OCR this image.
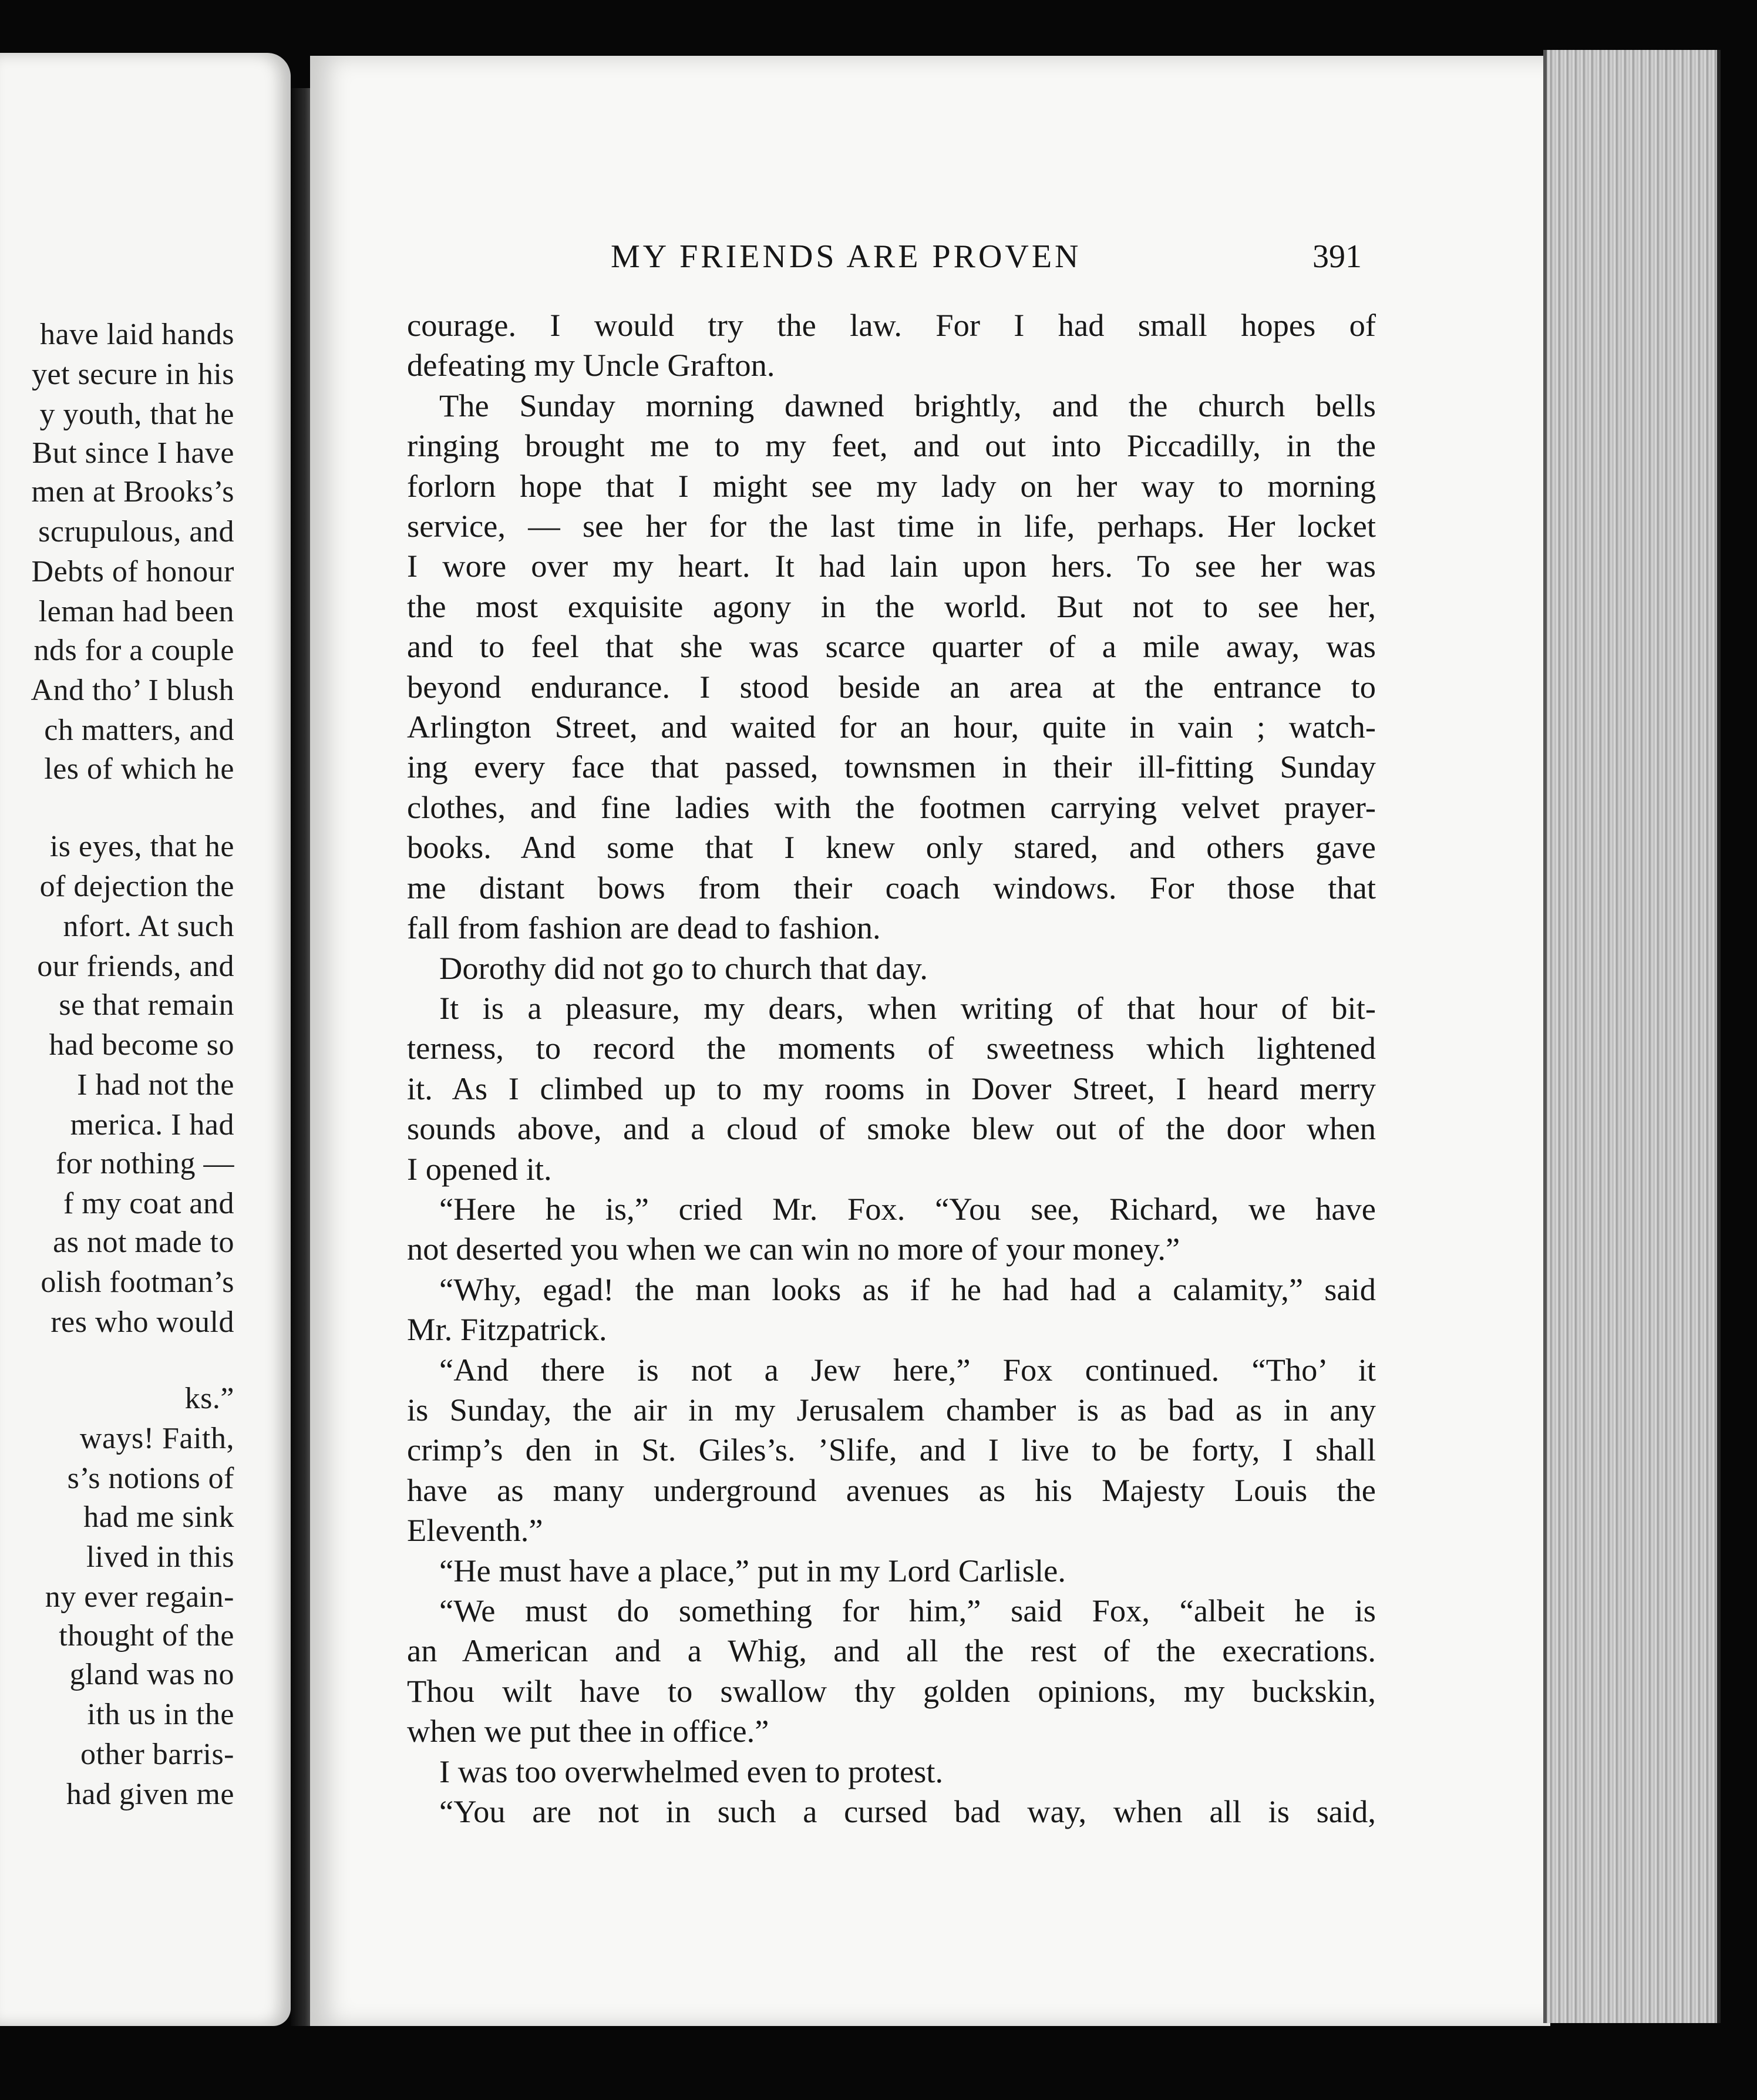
have laid hands
yet secure in his
y youth, that he
But since I have
men at Brooks’s
scrupulous, and
Debts of honour
leman had been
nds for a couple
And tho’ I blush
ch matters, and
les of which he
is eyes, that he
of dejection the
nfort. At such
our friends, and
se that remain
had become so
I had not the
merica. I had
for nothing —
f my coat and
as not made to
olish footman’s
res who would
ks.”
ways! Faith,
s’s notions of
had me sink
lived in this
ny ever regain-
thought of the
gland was no
ith us in the
other barris-
had given me
MY FRIENDS ARE PROVEN	391
courage. I would try the law. For I had small hopes of
defeating my Uncle Grafton.
The Sunday morning dawned brightly, and the church bells
ringing brought me to my feet, and out into Piccadilly, in the
forlorn hope that I might see my lady on her way to morning
service, — see her for the last time in life, perhaps. Her locket
I wore over my heart. It had lain upon hers. To see her was
the most exquisite agony in the world. But not to see her,
and to feel that she was scarce quarter of a mile away, was
beyond endurance. I stood beside an area at the entrance to
Arlington Street, and waited for an hour, quite in vain ; watch-
ing every face that passed, townsmen in their ill-fitting Sunday
clothes, and fine ladies with the footmen carrying velvet prayer-
books. And some that I knew only stared, and others gave
me distant bows from their coach windows. For those that
fall from fashion are dead to fashion.
Dorothy did not go to church that day.
It is a pleasure, my dears, when writing of that hour of bit-
terness, to record the moments of sweetness which lightened
it. As I climbed up to my rooms in Dover Street, I heard merry
sounds above, and a cloud of smoke blew out of the door when
I opened it.
“Here he is,” cried Mr. Fox. “You see, Richard, we have
not deserted you when we can win no more of your money.”
“Why, egad! the man looks as if he had had a calamity,” said
Mr. Fitzpatrick.
“And there is not a Jew here,” Fox continued. “Tho’ it
is Sunday, the air in my Jerusalem chamber is as bad as in any
crimp’s den in St. Giles’s. ’Slife, and I live to be forty, I shall
have as many underground avenues as his Majesty Louis the
Eleventh.”
“He must have a place,” put in my Lord Carlisle.
“We must do something for him,” said Fox, “albeit he is
an American and a Whig, and all the rest of the execrations.
Thou wilt have to swallow thy golden opinions, my buckskin,
when we put thee in office.”
I was too overwhelmed even to protest.
“You are not in such a cursed bad way, when all is said,
